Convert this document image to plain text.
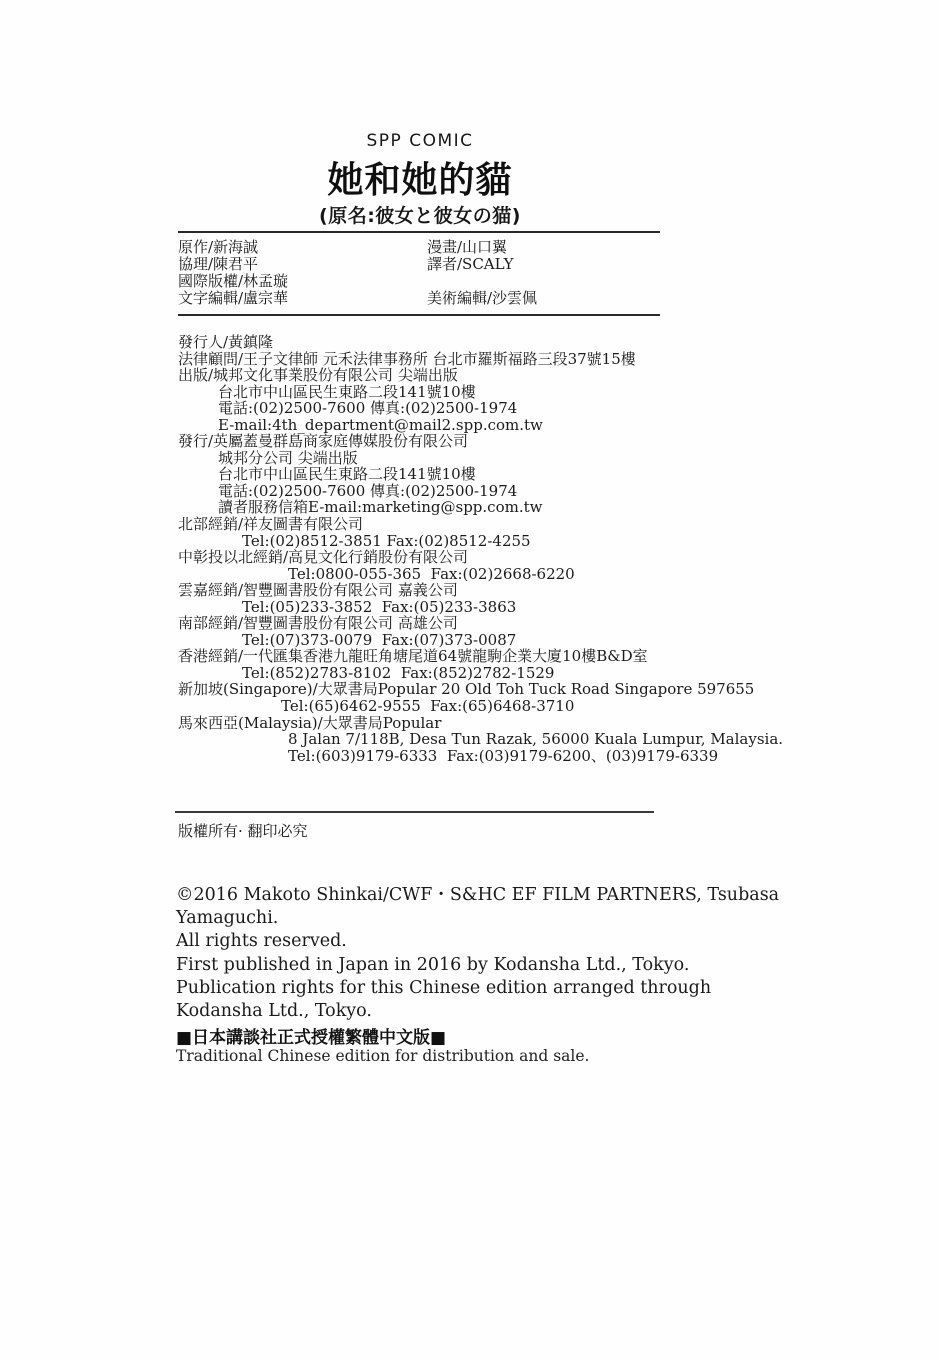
SPP COMIC
她和她的貓
(原名:彼女と彼女の猫)
原作/新海誠	漫畫/山口翼
協理/陳君平	譯者/SCALY
國際版權/林孟璇
文字編輯/盧宗華	美術編輯/沙雲佩
發行人/黃鎮隆
法律顧問/王子文律師 元禾法律事務所 台北市羅斯福路三段37號15樓
出版/城邦文化事業股份有限公司 尖端出版
台北市中山區民生東路二段141號10樓
電話:(02)2500-7600 傳真:(02)2500-1974
E-mail:4th_department@mail2.spp.com.tw
發行/英屬蓋曼群島商家庭傳媒股份有限公司
城邦分公司 尖端出版
台北市中山區民生東路二段141號10樓
電話:(02)2500-7600 傳真:(02)2500-1974
讀者服務信箱E-mail:marketing@spp.com.tw
北部經銷/祥友圖書有限公司
Tel:(02)8512-3851 Fax:(02)8512-4255
中彰投以北經銷/高見文化行銷股份有限公司
Tel:0800-055-365  Fax:(02)2668-6220
雲嘉經銷/智豐圖書股份有限公司 嘉義公司
Tel:(05)233-3852  Fax:(05)233-3863
南部經銷/智豐圖書股份有限公司 高雄公司
Tel:(07)373-0079  Fax:(07)373-0087
香港經銷/一代匯集香港九龍旺角塘尾道64號龍駒企業大廈10樓B&D室
Tel:(852)2783-8102  Fax:(852)2782-1529
新加坡(Singapore)/大眾書局Popular 20 Old Toh Tuck Road Singapore 597655
Tel:(65)6462-9555  Fax:(65)6468-3710
馬來西亞(Malaysia)/大眾書局Popular
8 Jalan 7/118B, Desa Tun Razak, 56000 Kuala Lumpur, Malaysia.
Tel:(603)9179-6333  Fax:(03)9179-6200、(03)9179-6339
版權所有· 翻印必究
©2016 Makoto Shinkai/CWF・S&HC EF FILM PARTNERS, Tsubasa Yamaguchi.
All rights reserved.
First published in Japan in 2016 by Kodansha Ltd., Tokyo.
Publication rights for this Chinese edition arranged through
Kodansha Ltd., Tokyo.
■日本講談社正式授權繁體中文版■
Traditional Chinese edition for distribution and sale.
